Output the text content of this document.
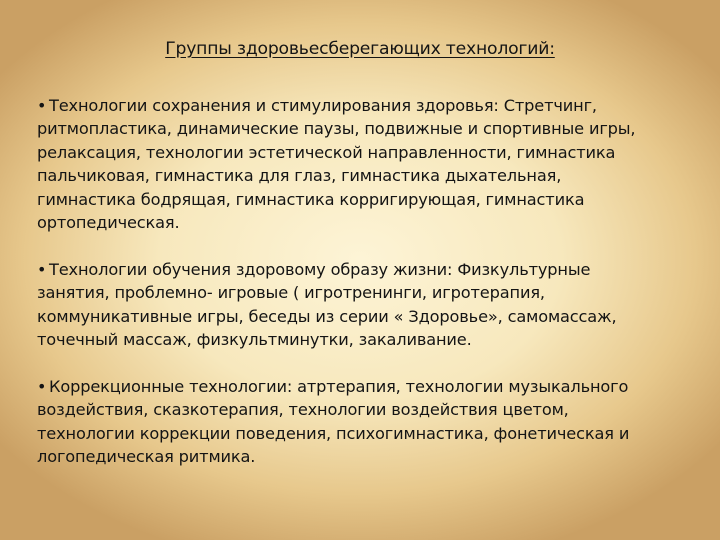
Группы здоровьесберегающих технологий:
• Технологии сохранения и стимулирования здоровья: Стретчинг,
ритмопластика, динамические паузы, подвижные и спортивные игры,
релаксация, технологии эстетической направленности, гимнастика
пальчиковая, гимнастика для глаз, гимнастика дыхательная,
гимнастика бодрящая, гимнастика корригирующая, гимнастика
ортопедическая.
• Технологии обучения здоровому образу жизни: Физкультурные
занятия, проблемно- игровые ( игротренинги, игротерапия,
коммуникативные игры, беседы из серии « Здоровье», самомассаж,
точечный массаж, физкультминутки, закаливание.
• Коррекционные технологии: атртерапия, технологии музыкального
воздействия, сказкотерапия, технологии воздействия цветом,
технологии коррекции поведения, психогимнастика, фонетическая и
логопедическая ритмика.
